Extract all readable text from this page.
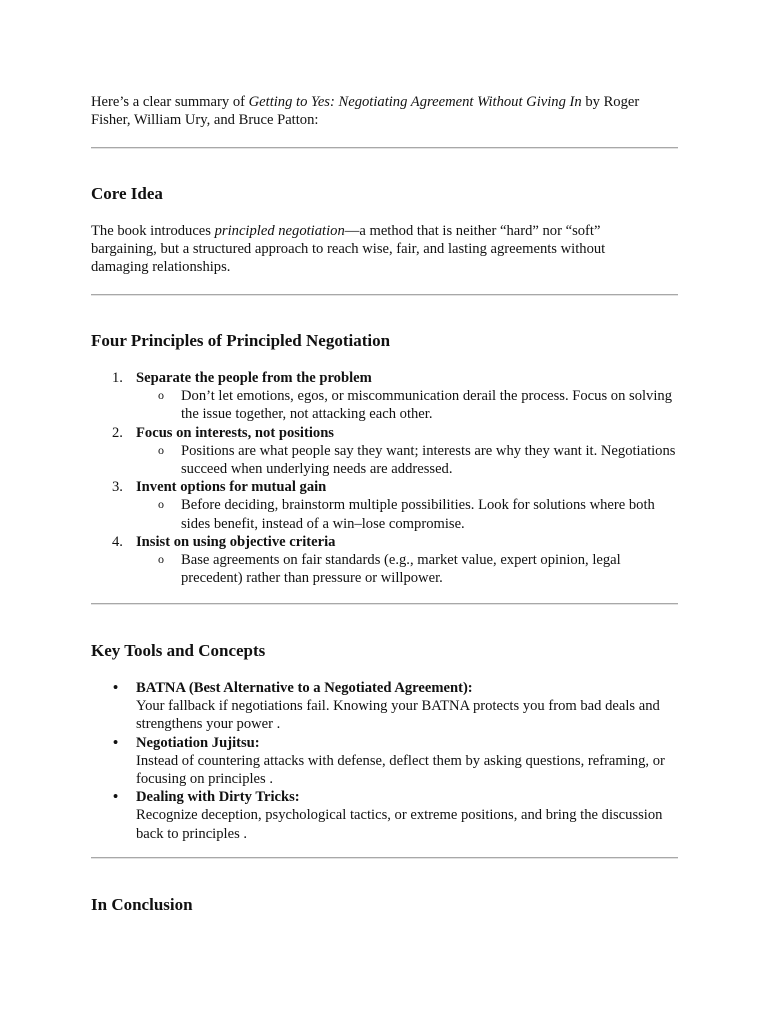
Here’s a clear summary of Getting to Yes: Negotiating Agreement Without Giving In by Roger Fisher, William Ury, and Bruce Patton:

Core Idea

The book introduces principled negotiation—a method that is neither “hard” nor “soft” bargaining, but a structured approach to reach wise, fair, and lasting agreements without damaging relationships.

Four Principles of Principled Negotiation
1. Separate the people from the problem
o Don’t let emotions, egos, or miscommunication derail the process. Focus on solving the issue together, not attacking each other.
2. Focus on interests, not positions
o Positions are what people say they want; interests are why they want it. Negotiations succeed when underlying needs are addressed.
3. Invent options for mutual gain
o Before deciding, brainstorm multiple possibilities. Look for solutions where both sides benefit, instead of a win–lose compromise.
4. Insist on using objective criteria
o Base agreements on fair standards (e.g., market value, expert opinion, legal precedent) rather than pressure or willpower.
Key Tools and Concepts
• BATNA (Best Alternative to a Negotiated Agreement):
Your fallback if negotiations fail. Knowing your BATNA protects you from bad deals and strengthens your power .
• Negotiation Jujitsu:
Instead of countering attacks with defense, deflect them by asking questions, reframing, or focusing on principles .
• Dealing with Dirty Tricks:
Recognize deception, psychological tactics, or extreme positions, and bring the discussion back to principles .
In Conclusion
